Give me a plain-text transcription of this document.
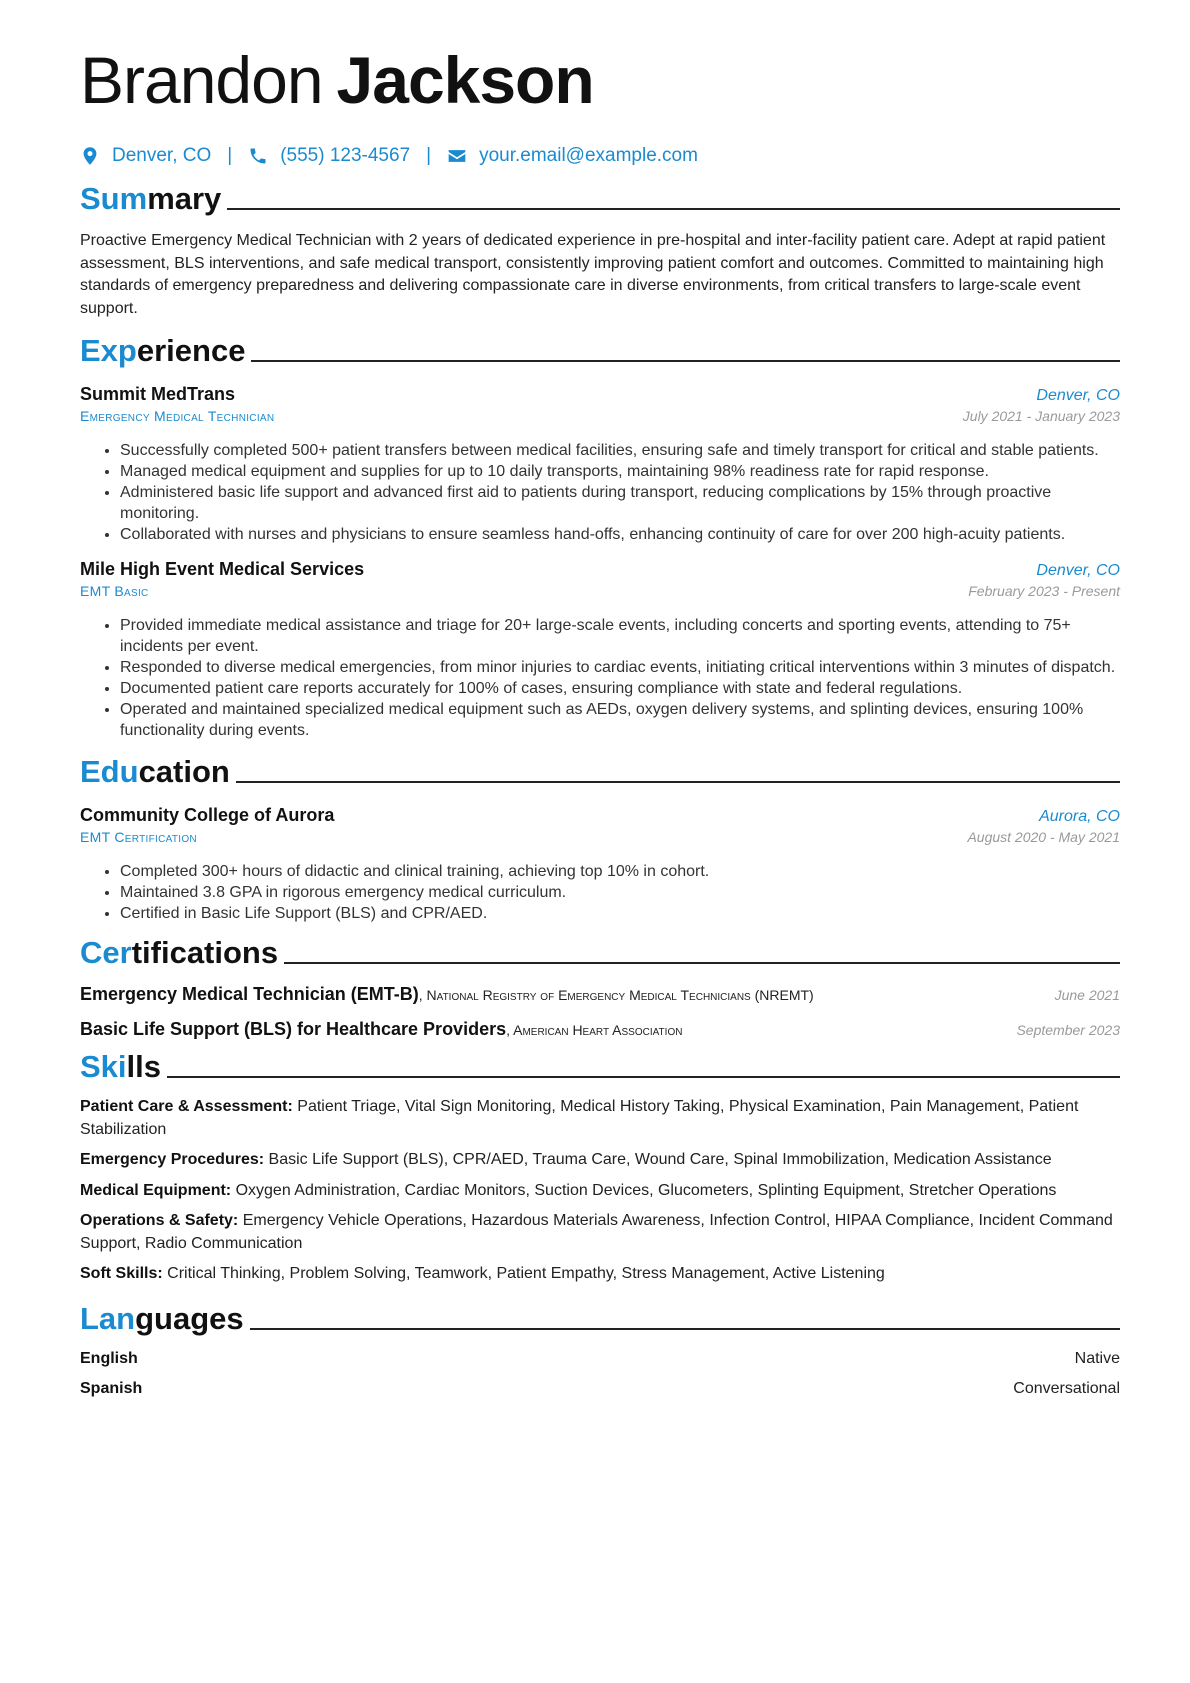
Brandon Jackson
Denver, CO |	(555) 123-4567 |	your.email@example.com
Summary

Proactive Emergency Medical Technician with 2 years of dedicated experience in pre-hospital and inter-facility patient care. Adept at rapid patient assessment, BLS interventions, and safe medical transport, consistently improving patient comfort and outcomes. Committed to maintaining high standards of emergency preparedness and delivering compassionate care in diverse environments, from critical transfers to large-scale event support.

Experience
Summit MedTrans	Denver, CO
Emergency Medical Technician	July 2021 - January 2023
• Successfully completed 500+ patient transfers between medical facilities, ensuring safe and timely transport for critical and stable patients.
• Managed medical equipment and supplies for up to 10 daily transports, maintaining 98% readiness rate for rapid response.
• Administered basic life support and advanced first aid to patients during transport, reducing complications by 15% through proactive monitoring.
• Collaborated with nurses and physicians to ensure seamless hand-offs, enhancing continuity of care for over 200 high-acuity patients.
Mile High Event Medical Services	Denver, CO
EMT Basic	February 2023 - Present
• Provided immediate medical assistance and triage for 20+ large-scale events, including concerts and sporting events, attending to 75+ incidents per event.
• Responded to diverse medical emergencies, from minor injuries to cardiac events, initiating critical interventions within 3 minutes of dispatch.
• Documented patient care reports accurately for 100% of cases, ensuring compliance with state and federal regulations.
• Operated and maintained specialized medical equipment such as AEDs, oxygen delivery systems, and splinting devices, ensuring 100% functionality during events.
Education
Community College of Aurora	Aurora, CO
EMT Certification	August 2020 - May 2021
• Completed 300+ hours of didactic and clinical training, achieving top 10% in cohort.
• Maintained 3.8 GPA in rigorous emergency medical curriculum.
• Certified in Basic Life Support (BLS) and CPR/AED.
Certifications
Emergency Medical Technician (EMT-B), National Registry of Emergency Medical Technicians (NREMT)	June 2021
Basic Life Support (BLS) for Healthcare Providers, American Heart Association	September 2023
Skills
Patient Care & Assessment: Patient Triage, Vital Sign Monitoring, Medical History Taking, Physical Examination, Pain Management, Patient Stabilization
Emergency Procedures: Basic Life Support (BLS), CPR/AED, Trauma Care, Wound Care, Spinal Immobilization, Medication Assistance
Medical Equipment: Oxygen Administration, Cardiac Monitors, Suction Devices, Glucometers, Splinting Equipment, Stretcher Operations
Operations & Safety: Emergency Vehicle Operations, Hazardous Materials Awareness, Infection Control, HIPAA Compliance, Incident Command Support, Radio Communication
Soft Skills: Critical Thinking, Problem Solving, Teamwork, Patient Empathy, Stress Management, Active Listening
Languages
English	Native
Spanish	Conversational
